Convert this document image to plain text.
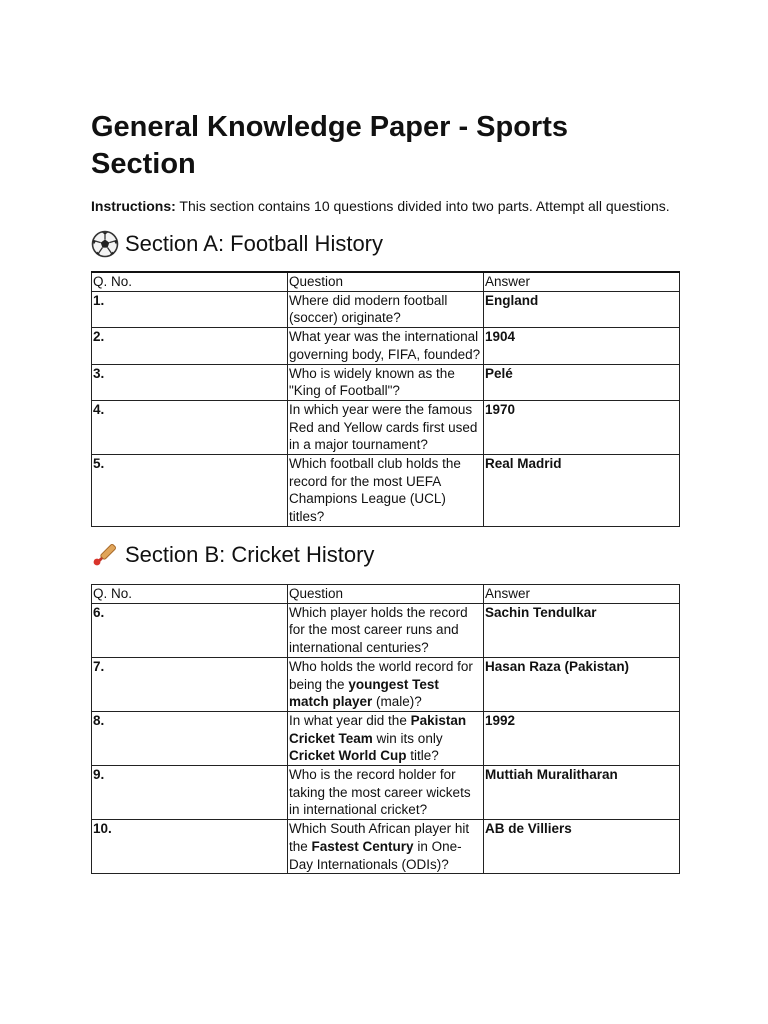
General Knowledge Paper - Sports Section

Instructions: This section contains 10 questions divided into two parts. Attempt all questions.

Section A: Football History
Q. No.	Question	Answer
1.	Where did modern football (soccer) originate?	England
2.	What year was the international governing body, FIFA, founded?	1904
3.	Who is widely known as the "King of Football"?	Pelé
4.	In which year were the famous Red and Yellow cards first used in a major tournament?	1970
5.	Which football club holds the record for the most UEFA Champions League (UCL) titles?	Real Madrid
Section B: Cricket History
Q. No.	Question	Answer
6.	Which player holds the record for the most career runs and international centuries?	Sachin Tendulkar
7.	Who holds the world record for being the youngest Test match player (male)?	Hasan Raza (Pakistan)
8.	In what year did the Pakistan Cricket Team win its only Cricket World Cup title?	1992
9.	Who is the record holder for taking the most career wickets in international cricket?	Muttiah Muralitharan
10.	Which South African player hit the Fastest Century in One-Day Internationals (ODIs)?	AB de Villiers
